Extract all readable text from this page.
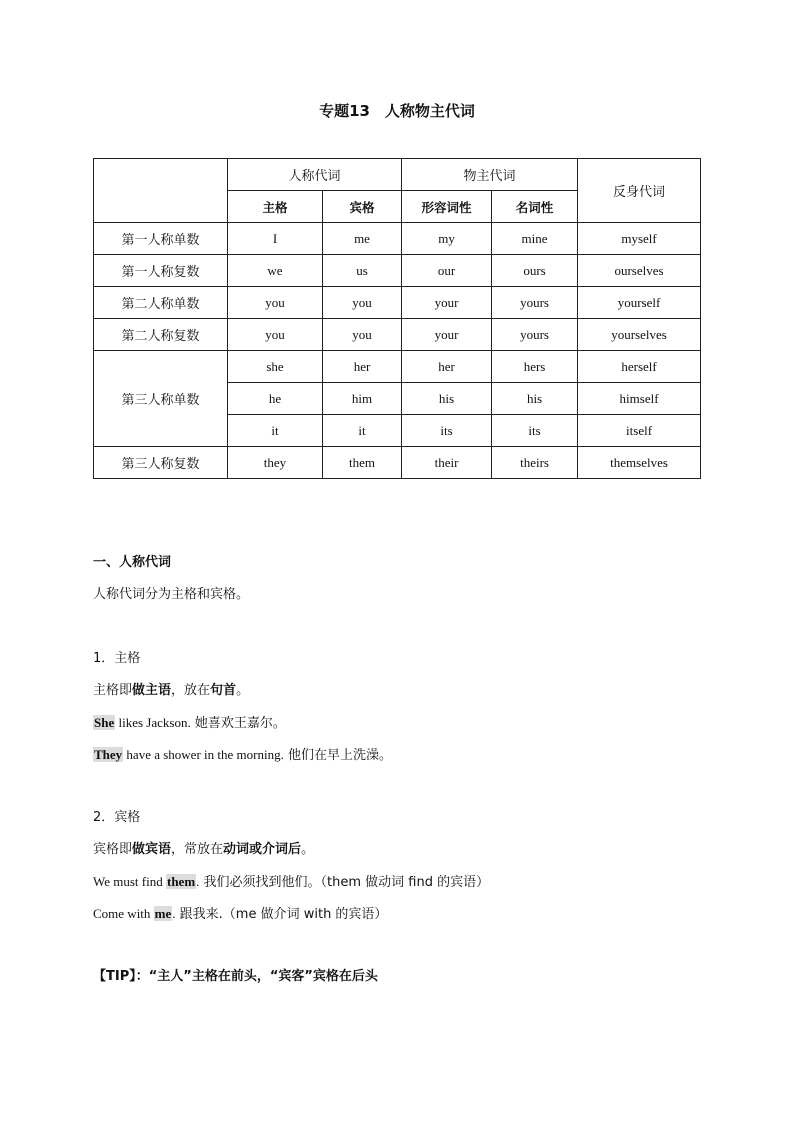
专题13　人称物主代词
	人称代词		物主代词		反身代词
	主格	宾格	形容词性	名词性	
第一人称单数	I	me	my	mine	myself
第一人称复数	we	us	our	ours	ourselves
第二人称单数	you	you	your	yours	yourself
第二人称复数	you	you	your	yours	yourselves
第三人称单数	she	her	her	hers	herself
	he	him	his	his	himself
	it	it	its	its	itself
第三人称复数	they	them	their	theirs	themselves
一、人称代词
人称代词分为主格和宾格。
1．主格
主格即做主语，放在句首。
She likes Jackson. 她喜欢王嘉尔。
They have a shower in the morning. 他们在早上洗澡。
2．宾格
宾格即做宾语，常放在动词或介词后。
We must find them. 我们必须找到他们。（them 做动词 find 的宾语）
Come with me. 跟我来.（me 做介词 with 的宾语）
【TIP】：“主人”主格在前头，“宾客”宾格在后头
